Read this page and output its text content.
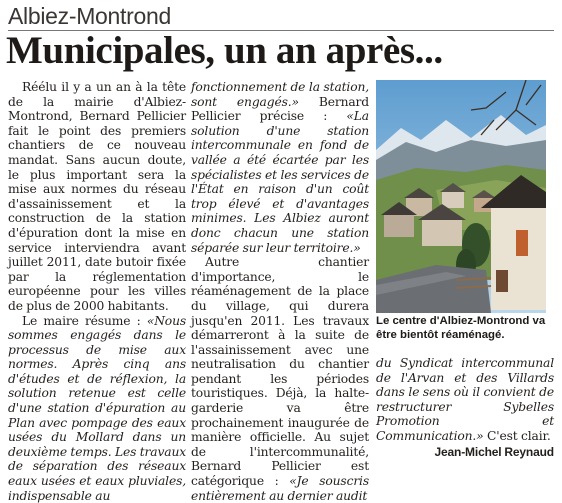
Albiez-Montrond
Municipales, un an après...

Réélu il y a un an à la tête de la mairie d'Albiez-Montrond, Bernard Pellicier fait le point des premiers chantiers de ce nouveau mandat. Sans aucun doute, le plus important sera la mise aux normes du réseau d'assainissement et la construction de la station d'épuration dont la mise en service interviendra avant juillet 2011, date butoir fixée par la réglementation européenne pour les villes de plus de 2000 habitants.

Le maire résume : «Nous sommes engagés dans le processus de mise aux normes. Après cinq ans d'études et de réflexion, la solution retenue est celle d'une station d'épuration au Plan avec pompage des eaux usées du Mollard dans un deuxième temps. Les travaux de séparation des réseaux eaux usées et eaux pluviales, indispensable au

fonctionnement de la station, sont engagés.» Bernard Pellicier précise : «La solution d'une station intercommunale en fond de vallée a été écartée par les spécialistes et les services de l'État en raison d'un coût trop élevé et d'avantages minimes. Les Albiez auront donc chacun une station séparée sur leur territoire.»

Autre chantier d'importance, le réaménagement de la place du village, qui durera jusqu'en 2011. Les travaux démarreront à la suite de l'assainissement avec une neutralisation du chantier pendant les périodes touristiques. Déjà, la halte-garderie va être prochainement inaugurée de manière officielle. Au sujet de l'intercommunalité, Bernard Pellicier est catégorique : «Je souscris entièrement au dernier audit

Le centre d'Albiez-Montrond va être bientôt réaménagé.

du Syndicat intercommunal de l'Arvan et des Villards dans le sens où il convient de restructurer Sybelles Promotion et Communication.» C'est clair.

Jean-Michel Reynaud
